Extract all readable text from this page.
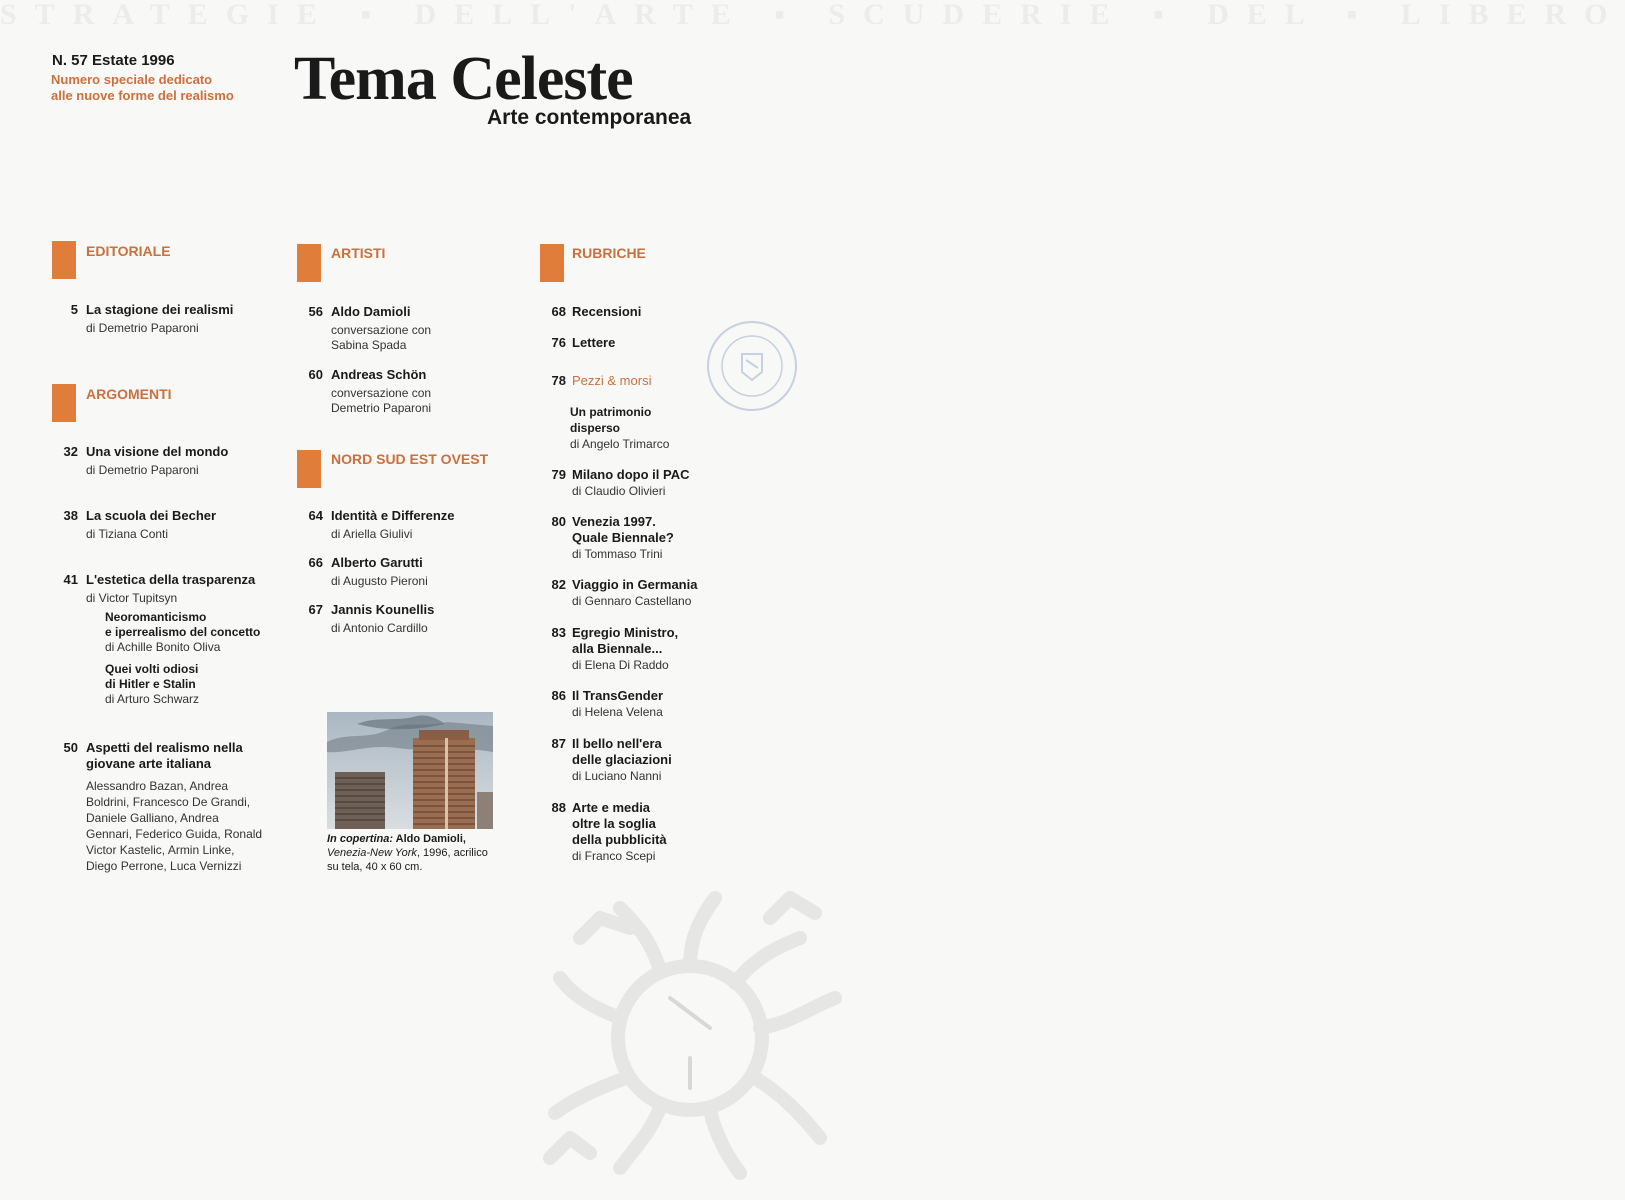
STRATEGIE ▪ DELL'ARTE ▪ SCUDERIE ▪ DEL ▪ LIBERO
N. 57 Estate 1996
Numero speciale dedicato
alle nuove forme del realismo Tema Celeste
Arte contemporanea
EDITORIALE
5 La stagione dei realismi
di Demetrio Paparoni
ARGOMENTI
32 Una visione del mondo
di Demetrio Paparoni
38 La scuola dei Becher
di Tiziana Conti
41 L'estetica della trasparenza
di Victor Tupitsyn
Neoromanticismo
e iperrealismo del concetto
di Achille Bonito Oliva
Quei volti odiosi
di Hitler e Stalin
di Arturo Schwarz
50 Aspetti del realismo nella
giovane arte italiana
Alessandro Bazan, Andrea
Boldrini, Francesco De Grandi,
Daniele Galliano, Andrea
Gennari, Federico Guida, Ronald
Victor Kastelic, Armin Linke,
Diego Perrone, Luca Vernizzi
ARTISTI
56 Aldo Damioli
conversazione con
Sabina Spada
60 Andreas Schön
conversazione con
Demetrio Paparoni
NORD SUD EST OVEST
64 Identità e Differenze
di Ariella Giulivi
66 Alberto Garutti
di Augusto Pieroni
67 Jannis Kounellis
di Antonio Cardillo
In copertina: Aldo Damioli,
Venezia-New York, 1996, acrilico
su tela, 40 x 60 cm.
RUBRICHE
68 Recensioni
76 Lettere
78 Pezzi & morsi
Un patrimonio
disperso
di Angelo Trimarco
79 Milano dopo il PAC
di Claudio Olivieri
80 Venezia 1997.
Quale Biennale?
di Tommaso Trini
82 Viaggio in Germania
di Gennaro Castellano
83 Egregio Ministro,
alla Biennale...
di Elena Di Raddo
86 Il TransGender
di Helena Velena
87 Il bello nell'era
delle glaciazioni
di Luciano Nanni
88 Arte e media
oltre la soglia
della pubblicità
di Franco Scepi
